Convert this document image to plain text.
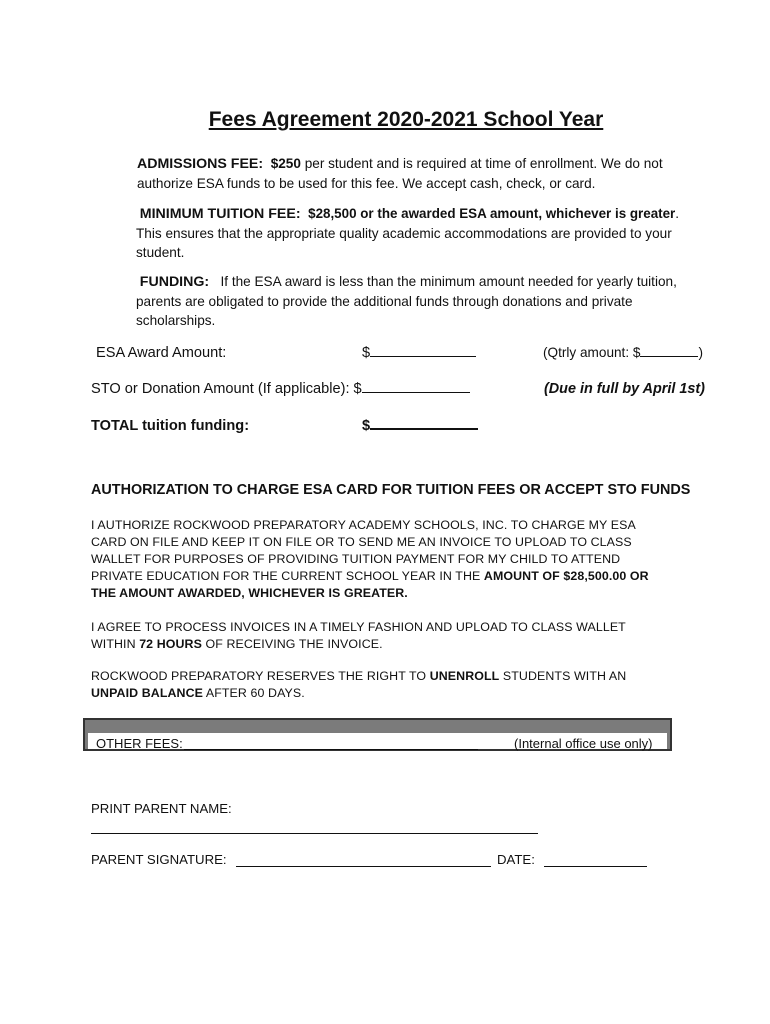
Fees Agreement 2020-2021 School Year
ADMISSIONS FEE: $250 per student and is required at time of enrollment. We do not
authorize ESA funds to be used for this fee. We accept cash, check, or card.
MINIMUM TUITION FEE: $28,500 or the awarded ESA amount, whichever is greater.
This ensures that the appropriate quality academic accommodations are provided to your
student.
FUNDING: If the ESA award is less than the minimum amount needed for yearly tuition,
parents are obligated to provide the additional funds through donations and private
scholarships.
ESA Award Amount:	$	(Qtrly amount: $	)
STO or Donation Amount (If applicable): $	(Due in full by April 1st)
TOTAL tuition funding:	$
AUTHORIZATION TO CHARGE ESA CARD FOR TUITION FEES OR ACCEPT STO FUNDS
I AUTHORIZE ROCKWOOD PREPARATORY ACADEMY SCHOOLS, INC. TO CHARGE MY ESA
CARD ON FILE AND KEEP IT ON FILE OR TO SEND ME AN INVOICE TO UPLOAD TO CLASS
WALLET FOR PURPOSES OF PROVIDING TUITION PAYMENT FOR MY CHILD TO ATTEND
PRIVATE EDUCATION FOR THE CURRENT SCHOOL YEAR IN THE AMOUNT OF $28,500.00 OR
THE AMOUNT AWARDED, WHICHEVER IS GREATER.
I AGREE TO PROCESS INVOICES IN A TIMELY FASHION AND UPLOAD TO CLASS WALLET
WITHIN 72 HOURS OF RECEIVING THE INVOICE.
ROCKWOOD PREPARATORY RESERVES THE RIGHT TO UNENROLL STUDENTS WITH AN
UNPAID BALANCE AFTER 60 DAYS.
OTHER FEES:	(Internal office use only)
PRINT PARENT NAME:
PARENT SIGNATURE:	DATE:
